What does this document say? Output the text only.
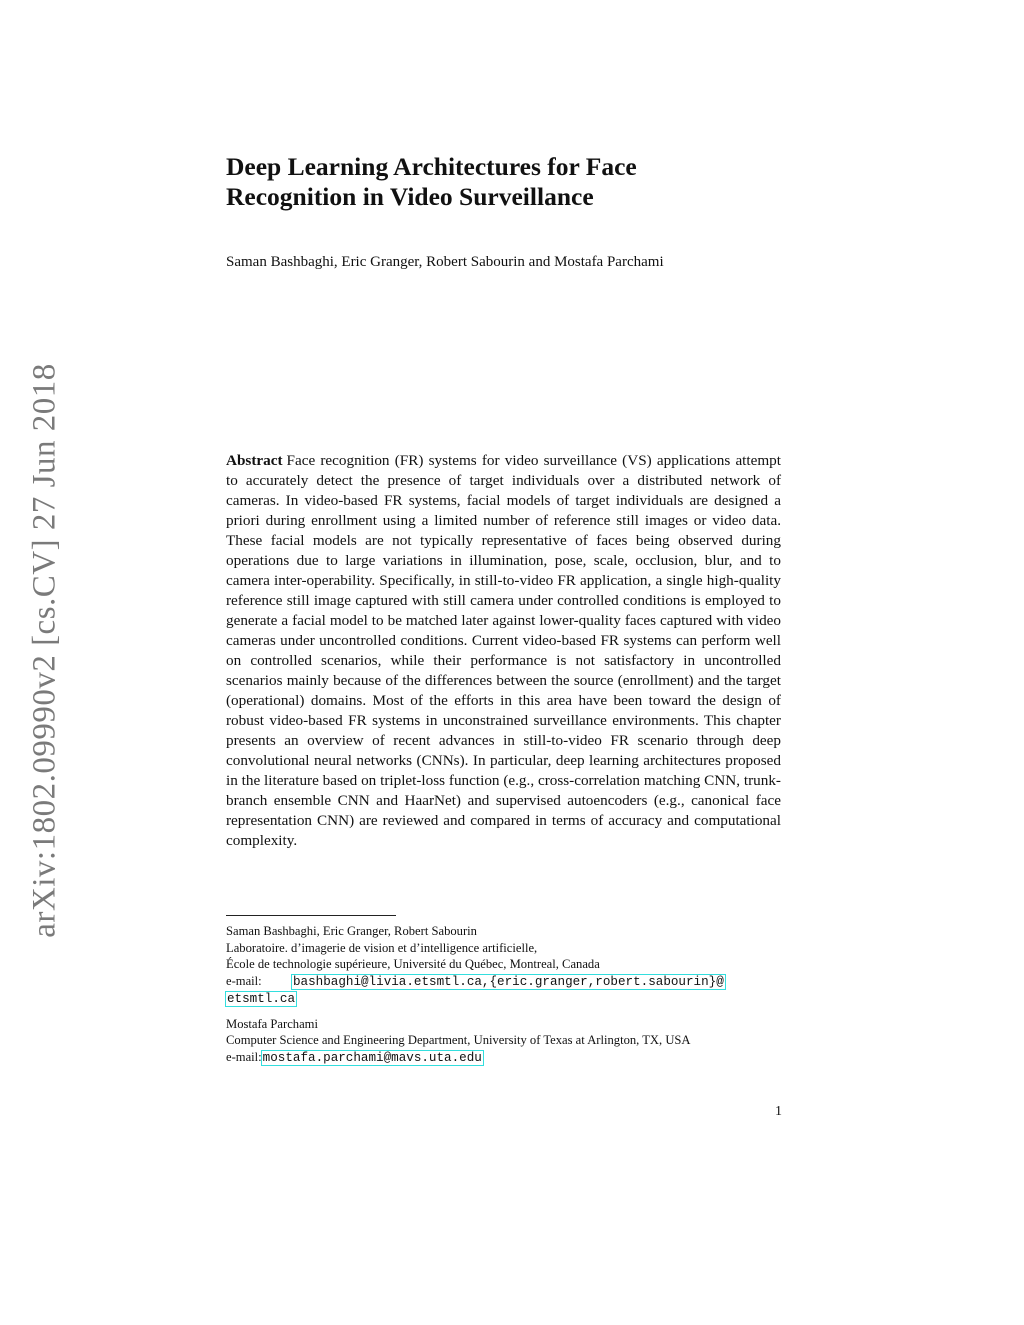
arXiv:1802.09990v2 [cs.CV] 27 Jun 2018
Deep Learning Architectures for Face
Recognition in Video Surveillance
Saman Bashbaghi, Eric Granger, Robert Sabourin and Mostafa Parchami
Abstract Face recognition (FR) systems for video surveillance (VS) applications attempt to accurately detect the presence of target individuals over a distributed network of cameras. In video-based FR systems, facial models of target individuals are designed a priori during enrollment using a limited number of reference still images or video data. These facial models are not typically representative of faces being observed during operations due to large variations in illumination, pose, scale, occlusion, blur, and to camera inter-operability. Specifically, in still-to-video FR application, a single high-quality reference still image captured with still camera under controlled conditions is employed to generate a facial model to be matched later against lower-quality faces captured with video cameras under uncontrolled conditions. Current video-based FR systems can perform well on controlled scenarios, while their performance is not satisfactory in uncontrolled scenarios mainly because of the differences between the source (enrollment) and the target (operational) domains. Most of the efforts in this area have been toward the design of robust video-based FR systems in unconstrained surveillance environments. This chapter presents an overview of recent advances in still-to-video FR scenario through deep convolutional neural networks (CNNs). In particular, deep learning architectures proposed in the literature based on triplet-loss function (e.g., cross-correlation matching CNN, trunk-branch ensemble CNN and HaarNet) and supervised autoencoders (e.g., canonical face representation CNN) are reviewed and compared in terms of accuracy and computational complexity.
Saman Bashbaghi, Eric Granger, Robert Sabourin
Laboratoire. d’imagerie de vision et d’intelligence artificielle,
École de technologie supérieure, Université du Québec, Montreal, Canada
e-mail: bashbaghi@livia.etsmtl.ca,{eric.granger,robert.sabourin}@
etsmtl.ca
Mostafa Parchami
Computer Science and Engineering Department, University of Texas at Arlington, TX, USA
e-mail:mostafa.parchami@mavs.uta.edu
1
